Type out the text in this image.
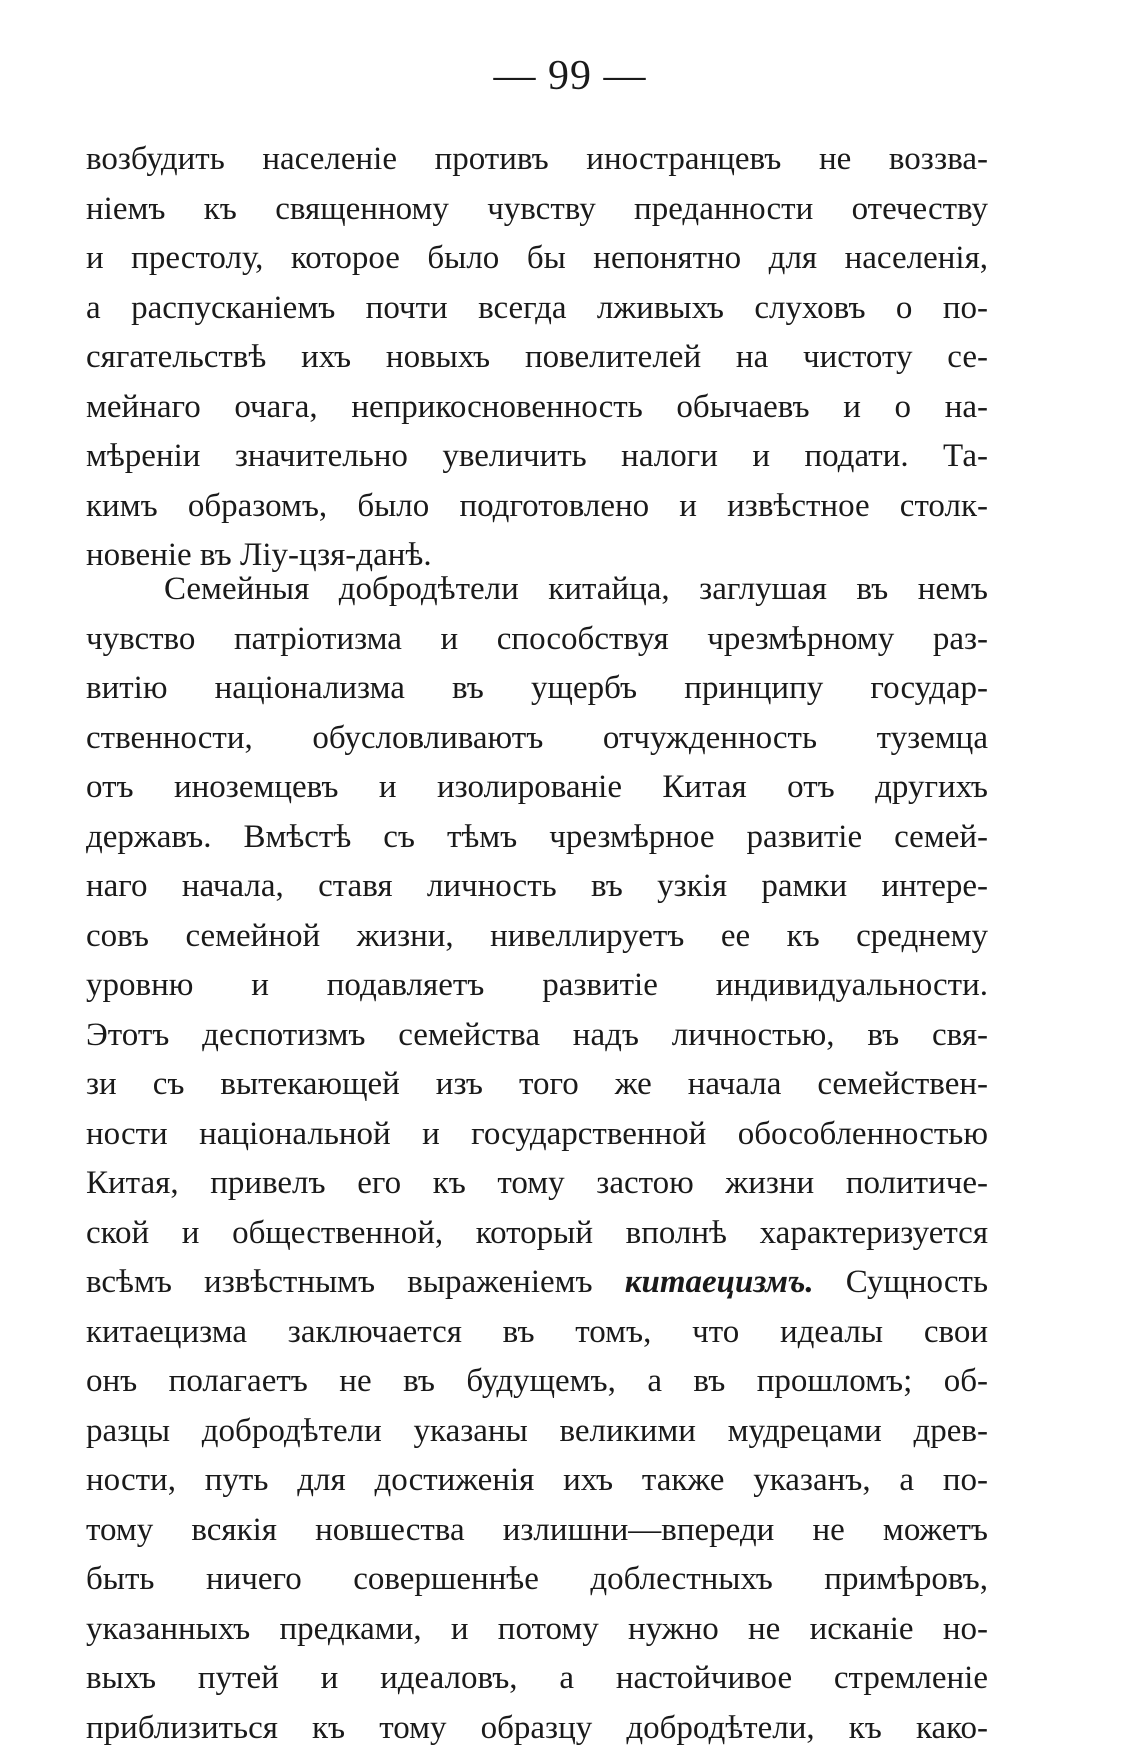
— 99 —
возбудить населеніе противъ иностранцевъ не воззва-
ніемъ къ священному чувству преданности отечеству
и престолу, которое было бы непонятно для населенія,
а распусканіемъ почти всегда лживыхъ слуховъ о по-
сягательствѣ ихъ новыхъ повелителей на чистоту се-
мейнаго очага, неприкосновенность обычаевъ и о на-
мѣреніи значительно увеличить налоги и подати. Та-
кимъ образомъ, было подготовлено и извѣстное столк-
новеніе въ Ліу-цзя-данѣ.
Семейныя добродѣтели китайца, заглушая въ немъ
чувство патріотизма и способствуя чрезмѣрному раз-
витію націонализма въ ущербъ принципу государ-
ственности, обусловливаютъ отчужденность туземца
отъ иноземцевъ и изолированіе Китая отъ другихъ
державъ. Вмѣстѣ съ тѣмъ чрезмѣрное развитіе семей-
наго начала, ставя личность въ узкія рамки интере-
совъ семейной жизни, нивеллируетъ ее къ среднему
уровню и подавляетъ развитіе индивидуальности.
Этотъ деспотизмъ семейства надъ личностью, въ свя-
зи съ вытекающей изъ того же начала семействен-
ности національной и государственной обособленностью
Китая, привелъ его къ тому застою жизни политиче-
ской и общественной, который вполнѣ характеризуется
всѣмъ извѣстнымъ выраженіемъ китаецизмъ. Сущность
китаецизма заключается въ томъ, что идеалы свои
онъ полагаетъ не въ будущемъ, а въ прошломъ; об-
разцы добродѣтели указаны великими мудрецами древ-
ности, путь для достиженія ихъ также указанъ, а по-
тому всякія новшества излишни—впереди не можетъ
быть ничего совершеннѣе доблестныхъ примѣровъ,
указанныхъ предками, и потому нужно не исканіе но-
выхъ путей и идеаловъ, а настойчивое стремленіе
приблизиться къ тому образцу добродѣтели, къ како-
